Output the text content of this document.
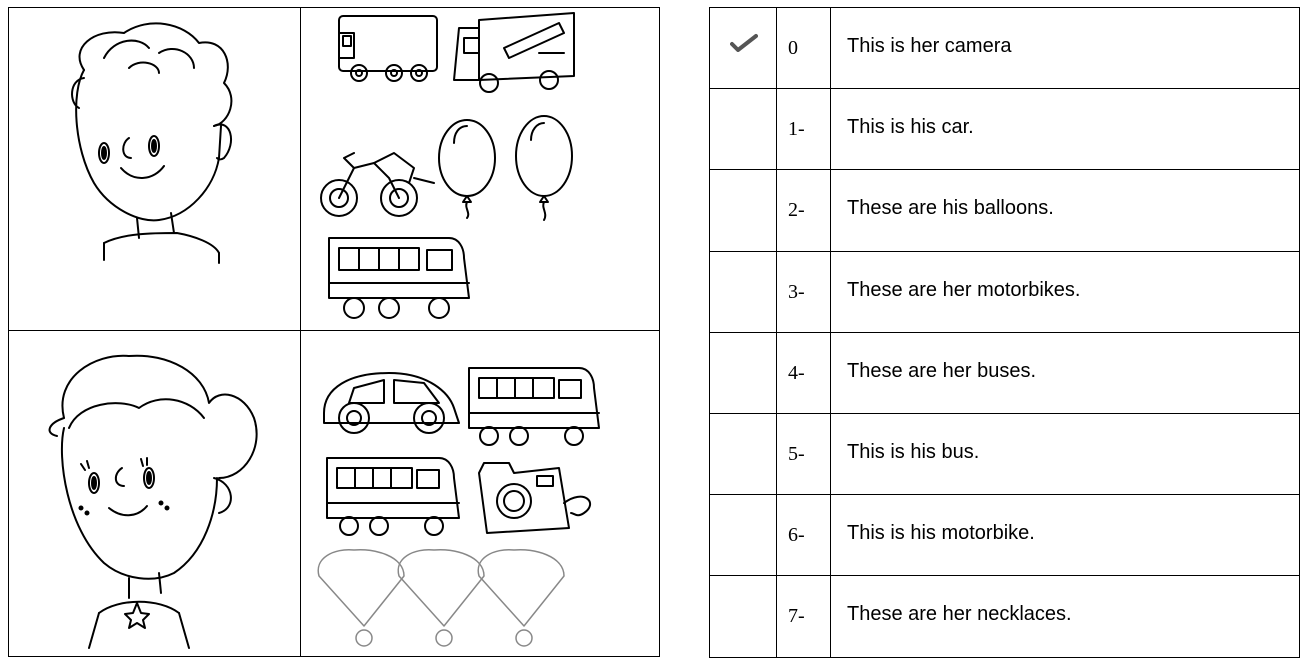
0	This is her camera

	1-	This is his car.

	2-	These are his balloons.

	3-	These are her motorbikes.

	4-	These are her buses.

	5-	This is his bus.

	6-	This is his motorbike.

	7-	These are her necklaces.
